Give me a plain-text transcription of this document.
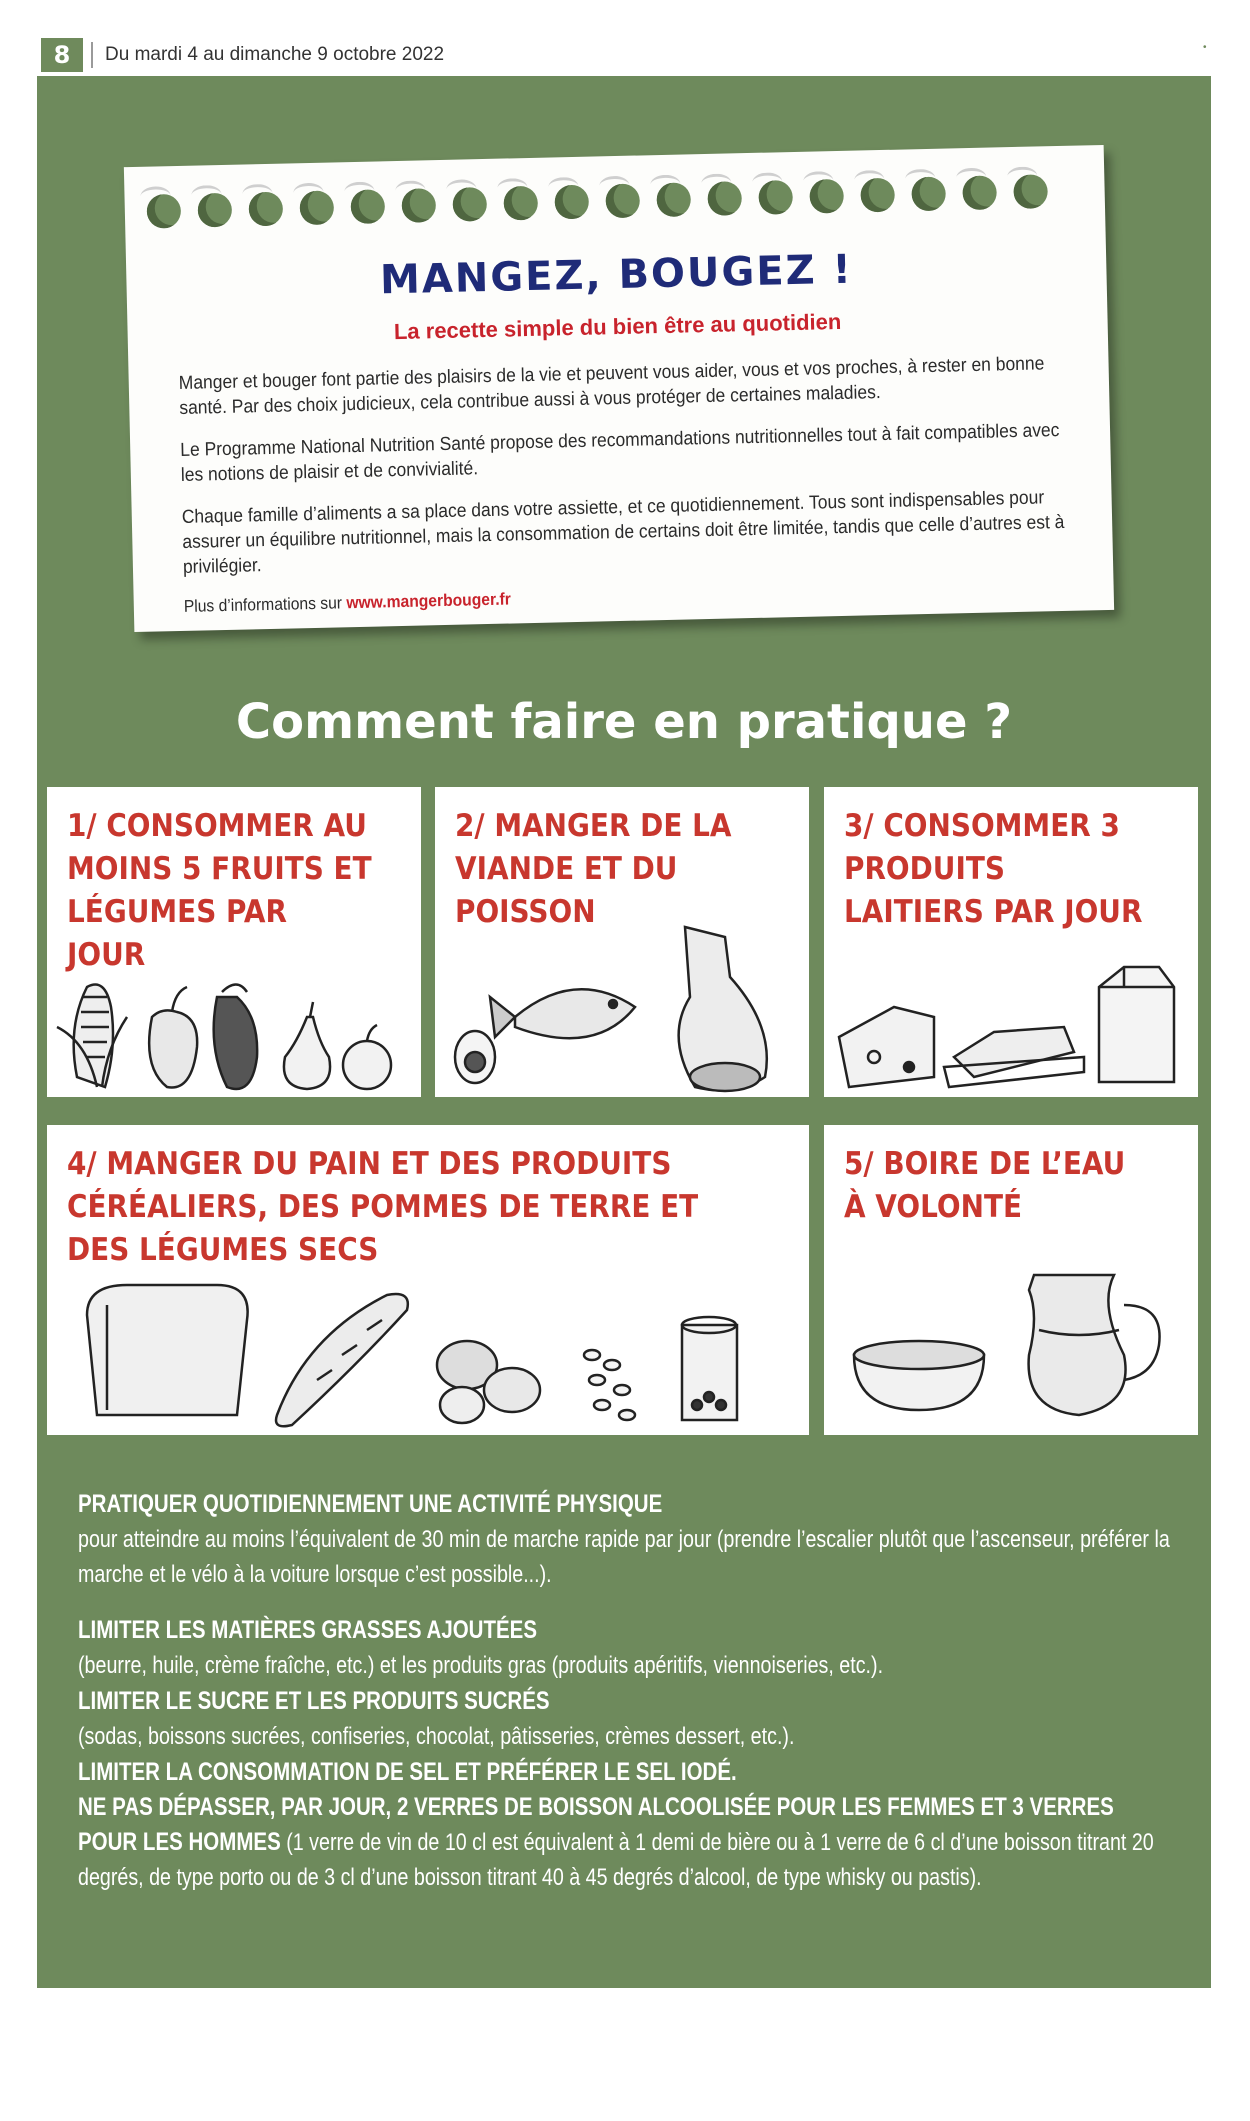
8	Du mardi 4 au dimanche 9 octobre 2022	•
MANGEZ, BOUGEZ !
La recette simple du bien être au quotidien

Manger et bouger font partie des plaisirs de la vie et peuvent vous aider, vous et vos proches, à rester en bonne santé. Par des choix judicieux, cela contribue aussi à vous protéger de certaines maladies.

Le Programme National Nutrition Santé propose des recommandations nutritionnelles tout à fait compatibles avec les notions de plaisir et de convivialité.

Chaque famille d’aliments a sa place dans votre assiette, et ce quotidiennement. Tous sont indispensables pour assurer un équilibre nutritionnel, mais la consommation de certains doit être limitée, tandis que celle d’autres est à privilégier.

Plus d’informations sur www.mangerbouger.fr

Comment faire en pratique ?
1/ CONSOMMER AU MOINS 5 FRUITS ET LÉGUMES PAR JOUR
2/ MANGER DE LA VIANDE ET DU POISSON
3/ CONSOMMER 3 PRODUITS LAITIERS PAR JOUR
4/ MANGER DU PAIN ET DES PRODUITS CÉRÉALIERS, DES POMMES DE TERRE ET DES LÉGUMES SECS
5/ BOIRE DE L’EAU À VOLONTÉ
PRATIQUER QUOTIDIENNEMENT UNE ACTIVITÉ PHYSIQUE
pour atteindre au moins l’équivalent de 30 min de marche rapide par jour (prendre l’escalier plutôt que l’ascenseur, préférer la marche et le vélo à la voiture lorsque c’est possible...).
LIMITER LES MATIÈRES GRASSES AJOUTÉES
(beurre, huile, crème fraîche, etc.) et les produits gras (produits apéritifs, viennoiseries, etc.).
LIMITER LE SUCRE ET LES PRODUITS SUCRÉS
(sodas, boissons sucrées, confiseries, chocolat, pâtisseries, crèmes dessert, etc.).
LIMITER LA CONSOMMATION DE SEL ET PRÉFÉRER LE SEL IODÉ.
NE PAS DÉPASSER, PAR JOUR, 2 VERRES DE BOISSON ALCOOLISÉE POUR LES FEMMES ET 3 VERRES POUR LES HOMMES (1 verre de vin de 10 cl est équivalent à 1 demi de bière ou à 1 verre de 6 cl d’une boisson titrant 20 degrés, de type porto ou de 3 cl d’une boisson titrant 40 à 45 degrés d’alcool, de type whisky ou pastis).
